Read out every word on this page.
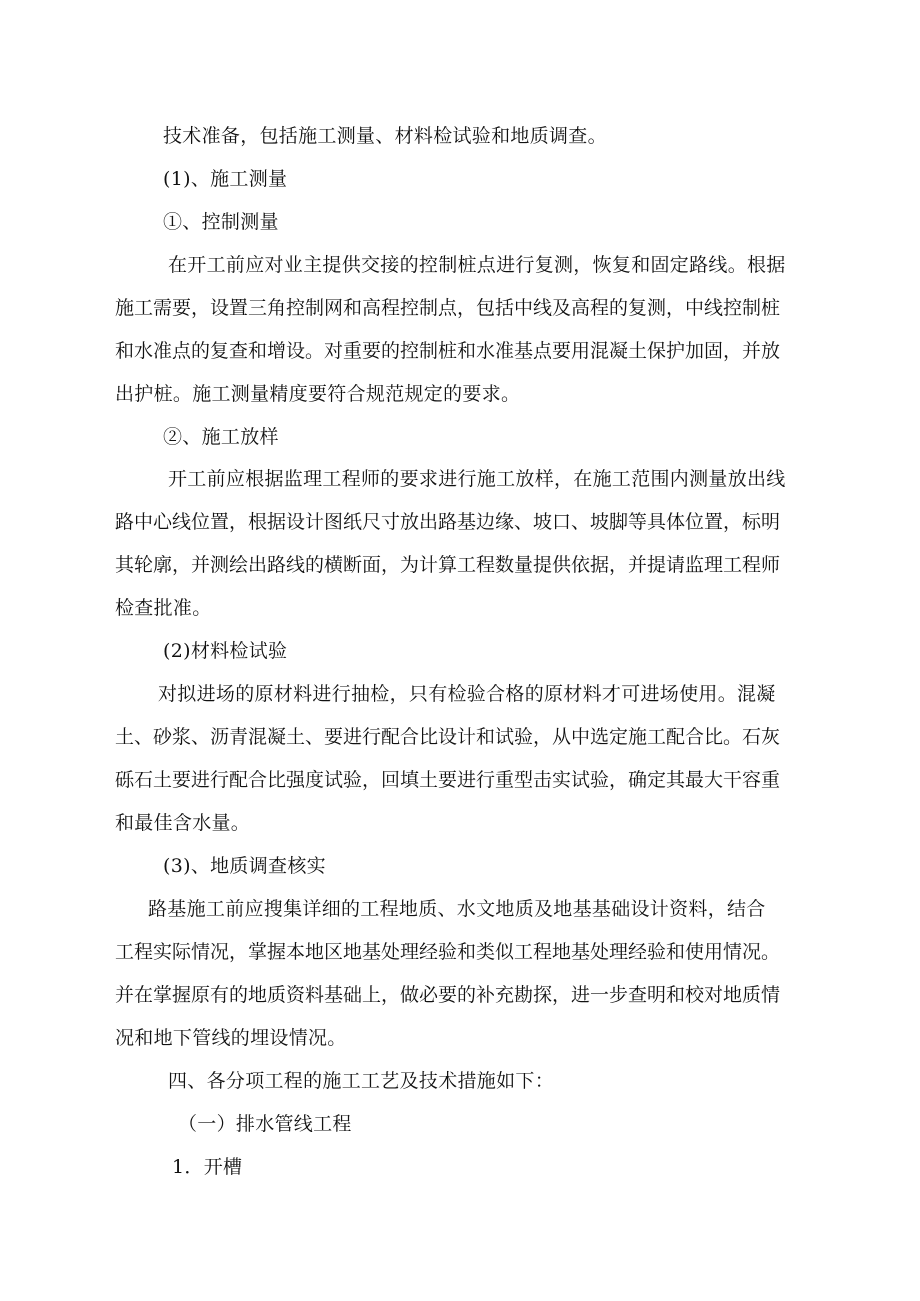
技术准备，包括施工测量、材料检试验和地质调查。
(1)、施工测量
①、控制测量
在开工前应对业主提供交接的控制桩点进行复测，恢复和固定路线。根据
施工需要，设置三角控制网和高程控制点，包括中线及高程的复测，中线控制桩
和水准点的复查和增设。对重要的控制桩和水准基点要用混凝土保护加固，并放
出护桩。施工测量精度要符合规范规定的要求。
②、施工放样
开工前应根据监理工程师的要求进行施工放样，在施工范围内测量放出线
路中心线位置，根据设计图纸尺寸放出路基边缘、坡口、坡脚等具体位置，标明
其轮廓，并测绘出路线的横断面，为计算工程数量提供依据，并提请监理工程师
检查批准。
(2)材料检试验
对拟进场的原材料进行抽检，只有检验合格的原材料才可进场使用。混凝
土、砂浆、沥青混凝土、要进行配合比设计和试验，从中选定施工配合比。石灰
砾石土要进行配合比强度试验，回填土要进行重型击实试验，确定其最大干容重
和最佳含水量。
(3)、地质调查核实
路基施工前应搜集详细的工程地质、水文地质及地基基础设计资料，结合
工程实际情况，掌握本地区地基处理经验和类似工程地基处理经验和使用情况。
并在掌握原有的地质资料基础上，做必要的补充勘探，进一步查明和校对地质情
况和地下管线的埋设情况。
四、各分项工程的施工工艺及技术措施如下：
（一）排水管线工程
1．开槽
